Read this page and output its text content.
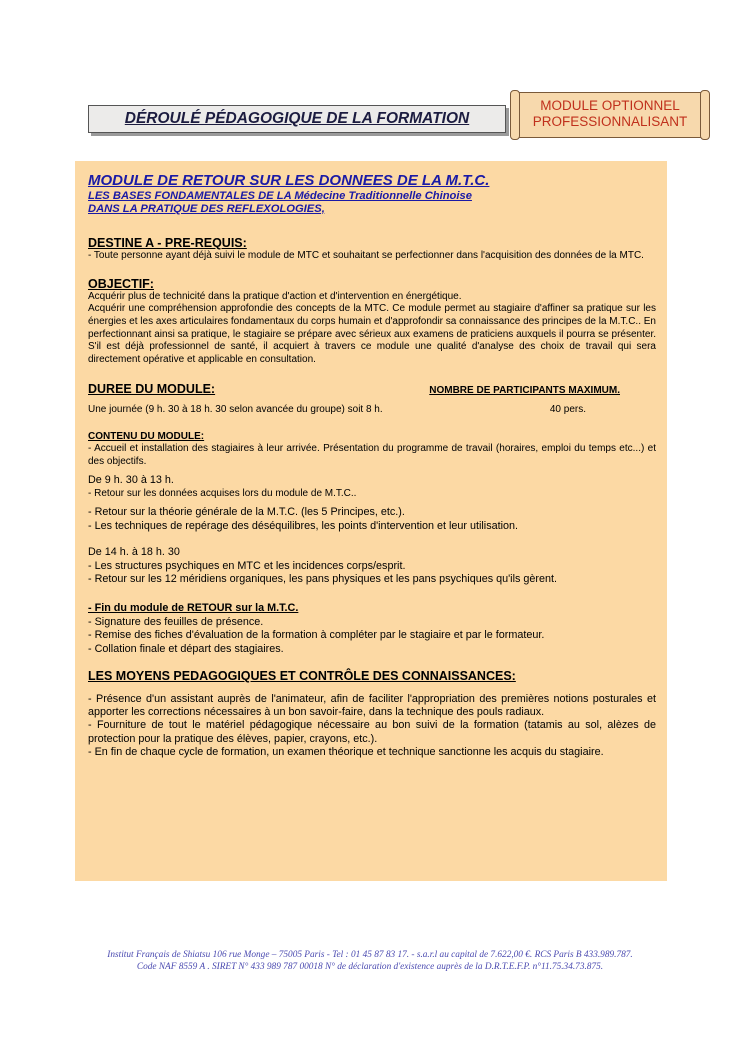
DÉROULÉ PÉDAGOGIQUE DE LA FORMATION
MODULE OPTIONNEL
PROFESSIONNALISANT
MODULE DE RETOUR SUR LES DONNEES DE LA M.T.C.
LES BASES FONDAMENTALES DE LA Médecine Traditionnelle Chinoise
DANS LA PRATIQUE DES REFLEXOLOGIES,
DESTINE A - PRE-REQUIS:
- Toute personne ayant déjà suivi le module de MTC et souhaitant se perfectionner dans l'acquisition des données de la MTC.
OBJECTIF:
Acquérir plus de technicité dans la pratique d'action et d'intervention en énergétique.
Acquérir une compréhension approfondie des concepts de la MTC. Ce module permet au stagiaire d'affiner sa pratique sur les énergies et les axes articulaires fondamentaux du corps humain et d'approfondir sa connaissance des principes de la M.T.C.. En perfectionnant ainsi sa pratique, le stagiaire se prépare avec sérieux aux examens de praticiens auxquels il pourra se présenter. S'il est déjà professionnel de santé, il acquiert à travers ce module une qualité d'analyse des choix de travail qui sera directement opérative et applicable en consultation.
DUREE DU MODULE:	NOMBRE DE PARTICIPANTS MAXIMUM.
Une journée (9 h. 30 à 18 h. 30 selon avancée du groupe) soit 8 h.	40 pers.
CONTENU DU MODULE:
- Accueil et installation des stagiaires à leur arrivée. Présentation du programme de travail (horaires, emploi du temps etc...) et des objectifs.
De 9 h. 30 à 13 h.
- Retour sur les données acquises lors du module de M.T.C..
- Retour sur la théorie générale de la M.T.C. (les 5 Principes, etc.).
- Les techniques de repérage des déséquilibres, les points d'intervention et leur utilisation.
De 14 h. à 18 h. 30
- Les structures psychiques en MTC et les incidences corps/esprit.
- Retour sur les 12 méridiens organiques, les pans physiques et les pans psychiques qu'ils gèrent.
- Fin du module de RETOUR sur la M.T.C.
- Signature des feuilles de présence.
- Remise des fiches d'évaluation de la formation à compléter par le stagiaire et par le formateur.
- Collation finale et départ des stagiaires.
LES MOYENS PEDAGOGIQUES ET CONTRÔLE DES CONNAISSANCES:
- Présence d'un assistant auprès de l'animateur, afin de faciliter l'appropriation des premières notions posturales et apporter les corrections nécessaires à un bon savoir-faire, dans la technique des pouls radiaux.
- Fourniture de tout le matériel pédagogique nécessaire au bon suivi de la formation (tatamis au sol, alèzes de protection pour la pratique des élèves, papier, crayons, etc.).
- En fin de chaque cycle de formation, un examen théorique et technique sanctionne les acquis du stagiaire.
Institut Français de Shiatsu 106 rue Monge – 75005 Paris - Tel : 01 45 87 83 17. - s.a.r.l au capital de 7.622,00 €. RCS Paris B 433.989.787.
Code NAF 8559 A . SIRET N° 433 989 787 00018 N° de déclaration d'existence auprès de la D.R.T.E.F.P. n°11.75.34.73.875.
